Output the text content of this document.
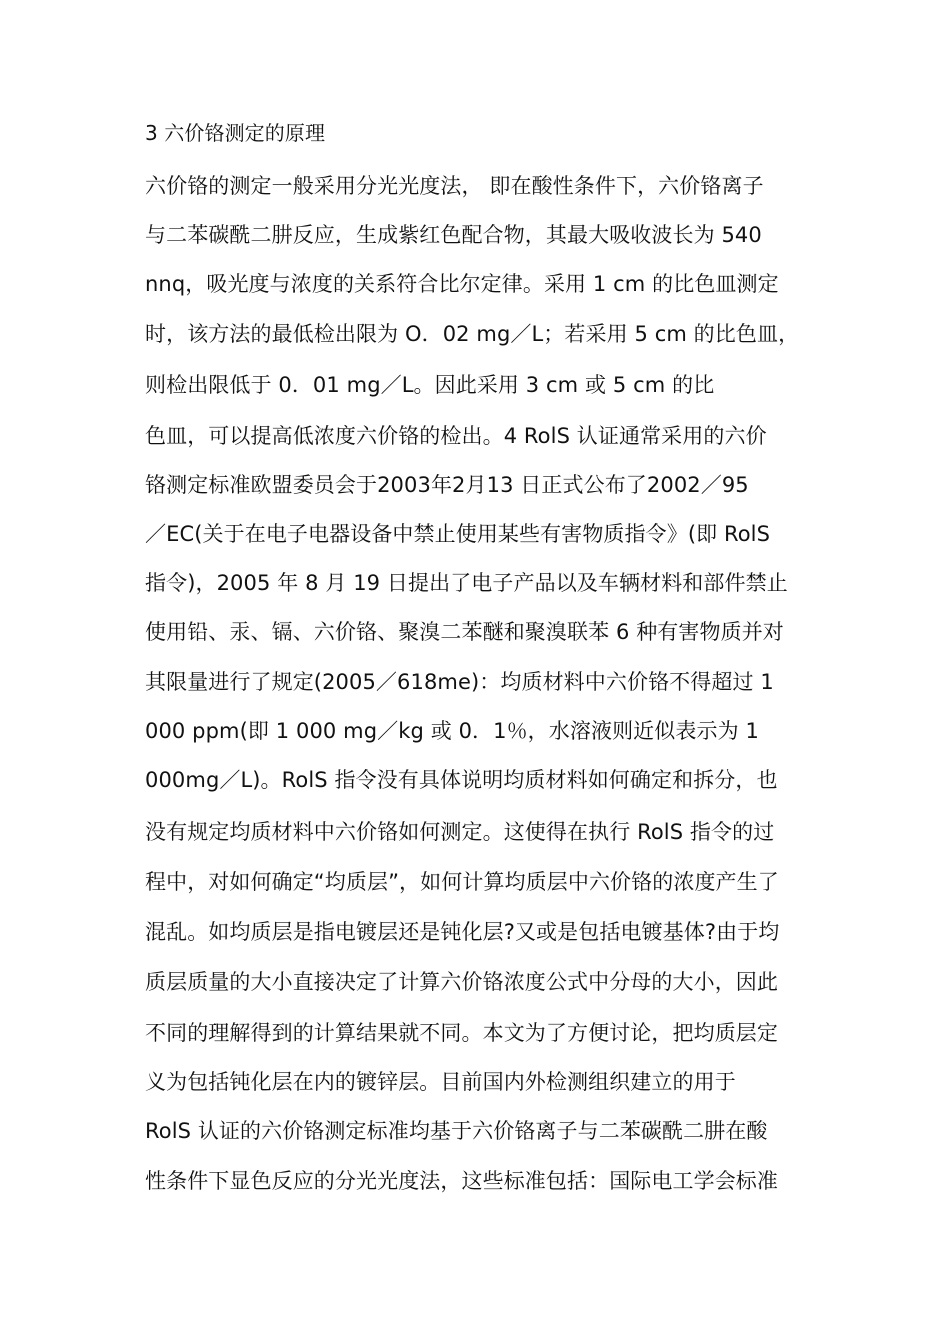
3 六价铬测定的原理
六价铬的测定一般采用分光光度法， 即在酸性条件下，六价铬离子
与二苯碳酰二肼反应，生成紫红色配合物，其最大吸收波长为 540
nnq，吸光度与浓度的关系符合比尔定律。采用 1 cm 的比色皿测定
时，该方法的最低检出限为 O．02 mg／L；若采用 5 cm 的比色皿，
则检出限低于 0．01 mg／L。因此采用 3 cm 或 5 cm 的比
色皿，可以提高低浓度六价铬的检出。4 RolS 认证通常采用的六价
铬测定标准欧盟委员会于2003年2月13 日正式公布了2002／95
／EC(关于在电子电器设备中禁止使用某些有害物质指令》(即 RolS
指令)，2005 年 8 月 19 日提出了电子产品以及车辆材料和部件禁止
使用铅、汞、镉、六价铬、聚溴二苯醚和聚溴联苯 6 种有害物质并对
其限量进行了规定(2005／618me)：均质材料中六价铬不得超过 1
000 ppm(即 1 000 mg／kg 或 0．1％，水溶液则近似表示为 1
000mg／L)。RolS 指令没有具体说明均质材料如何确定和拆分，也
没有规定均质材料中六价铬如何测定。这使得在执行 RolS 指令的过
程中，对如何确定“均质层”，如何计算均质层中六价铬的浓度产生了
混乱。如均质层是指电镀层还是钝化层?又或是包括电镀基体?由于均
质层质量的大小直接决定了计算六价铬浓度公式中分母的大小，因此
不同的理解得到的计算结果就不同。本文为了方便讨论，把均质层定
义为包括钝化层在内的镀锌层。目前国内外检测组织建立的用于
RolS 认证的六价铬测定标准均基于六价铬离子与二苯碳酰二肼在酸
性条件下显色反应的分光光度法，这些标准包括：国际电工学会标准
